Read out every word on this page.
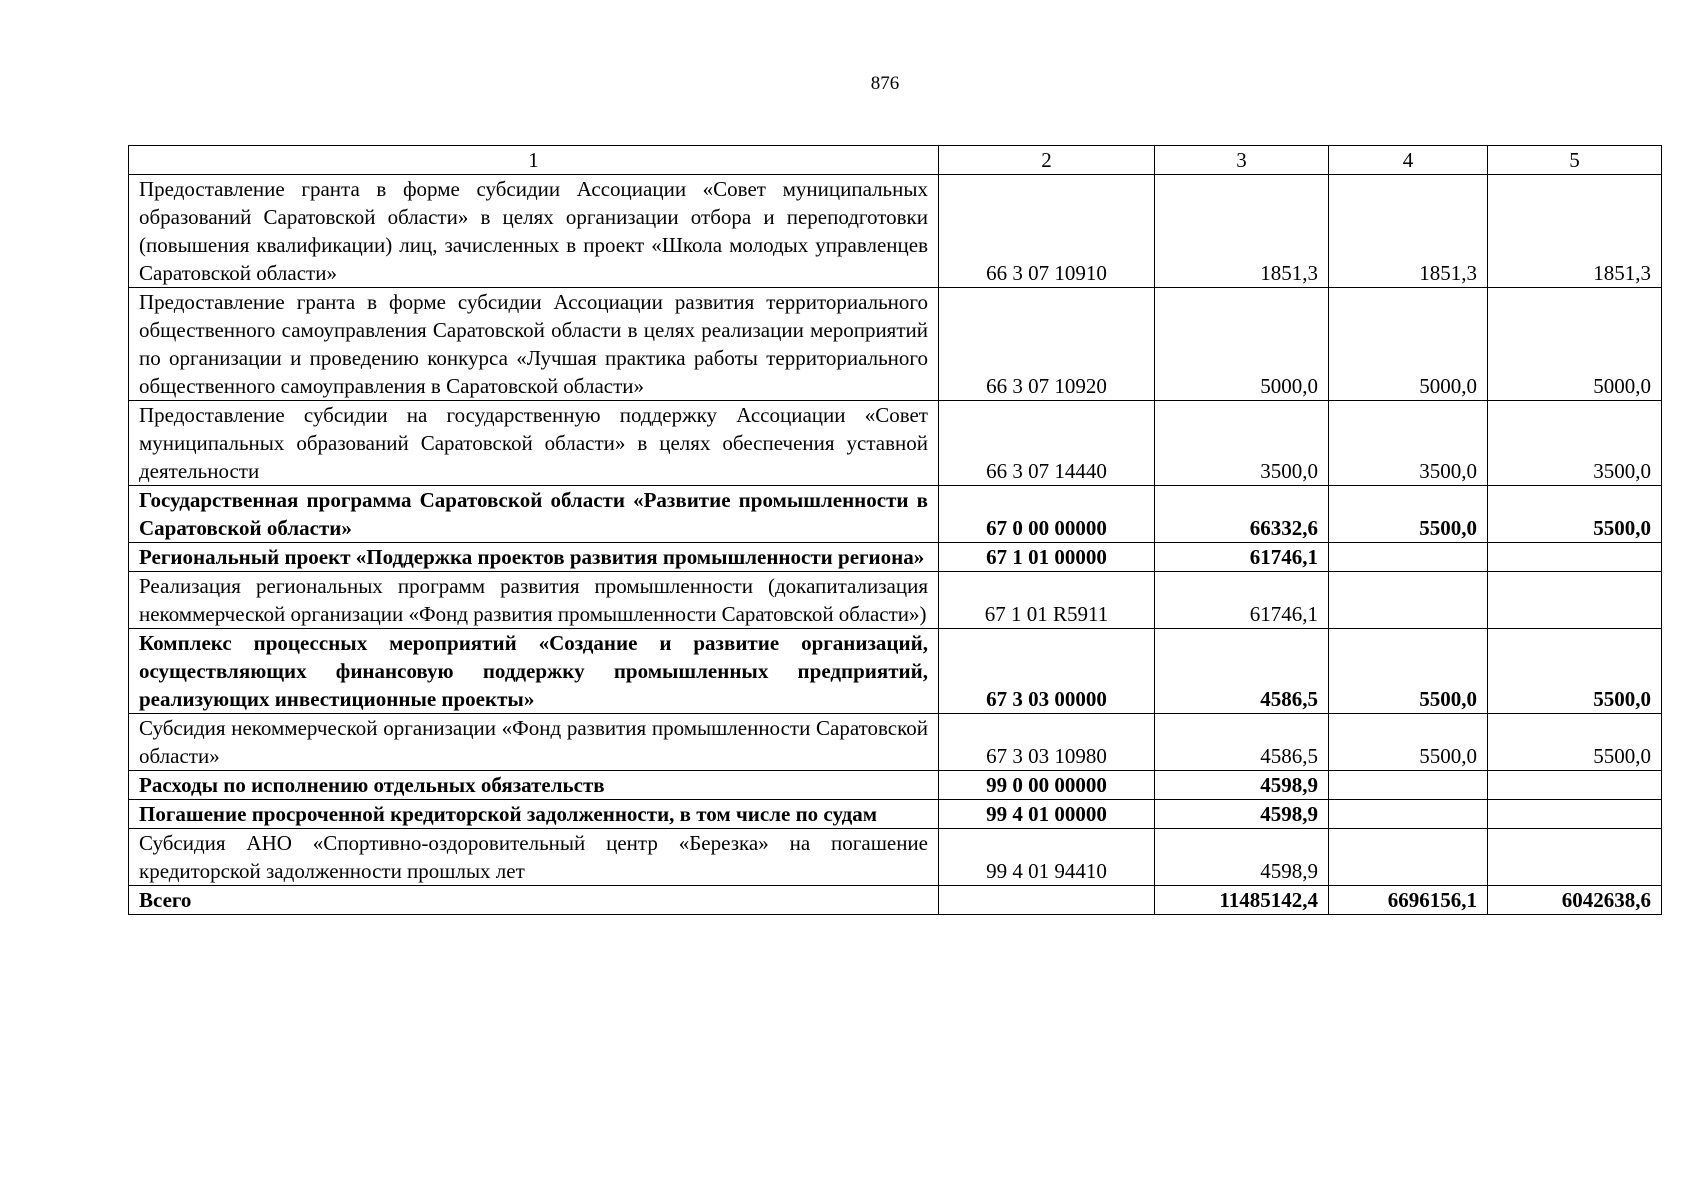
876
1	2	3	4	5
Предоставление гранта в форме субсидии Ассоциации «Совет муниципальных образований Саратовской области» в целях организации отбора и переподготовки (повышения квалификации) лиц, зачисленных в проект «Школа молодых управленцев Саратовской области»	66 3 07 10910	1851,3	1851,3	1851,3
Предоставление гранта в форме субсидии Ассоциации развития территориального общественного самоуправления Саратовской области в целях реализации мероприятий по организации и проведению конкурса «Лучшая практика работы территориального общественного самоуправления в Саратовской области»	66 3 07 10920	5000,0	5000,0	5000,0
Предоставление субсидии на государственную поддержку Ассоциации «Совет муниципальных образований Саратовской области» в целях обеспечения уставной деятельности	66 3 07 14440	3500,0	3500,0	3500,0
Государственная программа Саратовской области «Развитие промышленности в Саратовской области»	67 0 00 00000	66332,6	5500,0	5500,0
Региональный проект «Поддержка проектов развития промышленности региона»	67 1 01 00000	61746,1		
Реализация региональных программ развития промышленности (докапитализация некоммерческой организации «Фонд развития промышленности Саратовской области»)	67 1 01 R5911	61746,1		
Комплекс процессных мероприятий «Создание и развитие организаций, осуществляющих финансовую поддержку промышленных предприятий, реализующих инвестиционные проекты»	67 3 03 00000	4586,5	5500,0	5500,0
Субсидия некоммерческой организации «Фонд развития промышленности Саратовской области»	67 3 03 10980	4586,5	5500,0	5500,0
Расходы по исполнению отдельных обязательств	99 0 00 00000	4598,9		
Погашение просроченной кредиторской задолженности, в том числе по судам	99 4 01 00000	4598,9		
Субсидия АНО «Спортивно-оздоровительный центр «Березка» на погашение кредиторской задолженности прошлых лет	99 4 01 94410	4598,9		
Всего		11485142,4	6696156,1	6042638,6
